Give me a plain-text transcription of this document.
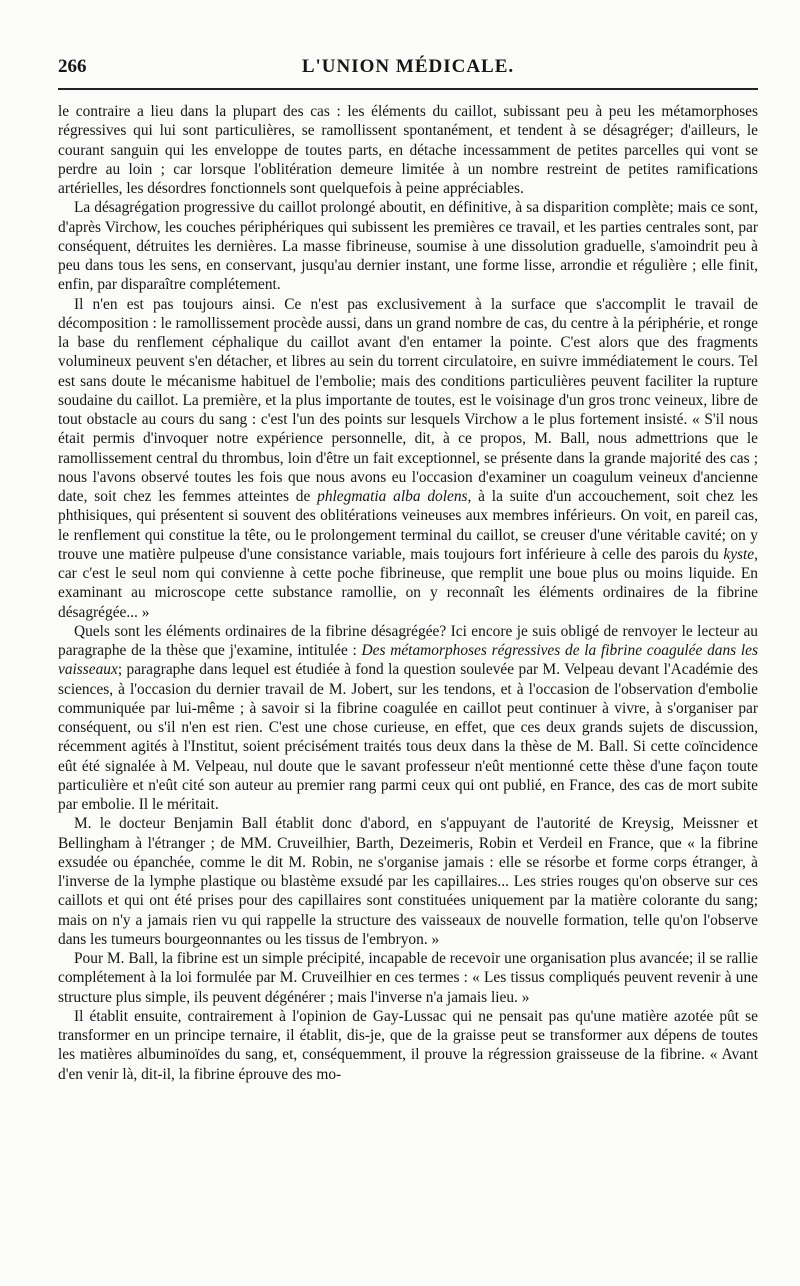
266	L'UNION MÉDICALE.

le contraire a lieu dans la plupart des cas : les éléments du caillot, subissant peu à peu les métamorphoses régressives qui lui sont particulières, se ramollissent spontanément, et tendent à se désagréger; d'ailleurs, le courant sanguin qui les enveloppe de toutes parts, en détache incessamment de petites parcelles qui vont se perdre au loin ; car lorsque l'oblitération demeure limitée à un nombre restreint de petites ramifications artérielles, les désordres fonctionnels sont quelquefois à peine appréciables.

La désagrégation progressive du caillot prolongé aboutit, en définitive, à sa disparition complète; mais ce sont, d'après Virchow, les couches périphériques qui subissent les premières ce travail, et les parties centrales sont, par conséquent, détruites les dernières. La masse fibrineuse, soumise à une dissolution graduelle, s'amoindrit peu à peu dans tous les sens, en conservant, jusqu'au dernier instant, une forme lisse, arrondie et régulière ; elle finit, enfin, par disparaître complétement.

Il n'en est pas toujours ainsi. Ce n'est pas exclusivement à la surface que s'accomplit le travail de décomposition : le ramollissement procède aussi, dans un grand nombre de cas, du centre à la périphérie, et ronge la base du renflement céphalique du caillot avant d'en entamer la pointe. C'est alors que des fragments volumineux peuvent s'en détacher, et libres au sein du torrent circulatoire, en suivre immédiatement le cours. Tel est sans doute le mécanisme habituel de l'embolie; mais des conditions particulières peuvent faciliter la rupture soudaine du caillot. La première, et la plus importante de toutes, est le voisinage d'un gros tronc veineux, libre de tout obstacle au cours du sang : c'est l'un des points sur lesquels Virchow a le plus fortement insisté. « S'il nous était permis d'invoquer notre expérience personnelle, dit, à ce propos, M. Ball, nous admettrions que le ramollissement central du thrombus, loin d'être un fait exceptionnel, se présente dans la grande majorité des cas ; nous l'avons observé toutes les fois que nous avons eu l'occasion d'examiner un coagulum veineux d'ancienne date, soit chez les femmes atteintes de phlegmatia alba dolens, à la suite d'un accouchement, soit chez les phthisiques, qui présentent si souvent des oblitérations veineuses aux membres inférieurs. On voit, en pareil cas, le renflement qui constitue la tête, ou le prolongement terminal du caillot, se creuser d'une véritable cavité; on y trouve une matière pulpeuse d'une consistance variable, mais toujours fort inférieure à celle des parois du kyste, car c'est le seul nom qui convienne à cette poche fibrineuse, que remplit une boue plus ou moins liquide. En examinant au microscope cette substance ramollie, on y reconnaît les éléments ordinaires de la fibrine désagrégée... »

Quels sont les éléments ordinaires de la fibrine désagrégée? Ici encore je suis obligé de renvoyer le lecteur au paragraphe de la thèse que j'examine, intitulée : Des métamorphoses régressives de la fibrine coagulée dans les vaisseaux; paragraphe dans lequel est étudiée à fond la question soulevée par M. Velpeau devant l'Académie des sciences, à l'occasion du dernier travail de M. Jobert, sur les tendons, et à l'occasion de l'observation d'embolie communiquée par lui-même ; à savoir si la fibrine coagulée en caillot peut continuer à vivre, à s'organiser par conséquent, ou s'il n'en est rien. C'est une chose curieuse, en effet, que ces deux grands sujets de discussion, récemment agités à l'Institut, soient précisément traités tous deux dans la thèse de M. Ball. Si cette coïncidence eût été signalée à M. Velpeau, nul doute que le savant professeur n'eût mentionné cette thèse d'une façon toute particulière et n'eût cité son auteur au premier rang parmi ceux qui ont publié, en France, des cas de mort subite par embolie. Il le méritait.

M. le docteur Benjamin Ball établit donc d'abord, en s'appuyant de l'autorité de Kreysig, Meissner et Bellingham à l'étranger ; de MM. Cruveilhier, Barth, Dezeimeris, Robin et Verdeil en France, que « la fibrine exsudée ou épanchée, comme le dit M. Robin, ne s'organise jamais : elle se résorbe et forme corps étranger, à l'inverse de la lymphe plastique ou blastème exsudé par les capillaires... Les stries rouges qu'on observe sur ces caillots et qui ont été prises pour des capillaires sont constituées uniquement par la matière colorante du sang; mais on n'y a jamais rien vu qui rappelle la structure des vaisseaux de nouvelle formation, telle qu'on l'observe dans les tumeurs bourgeonnantes ou les tissus de l'embryon. »

Pour M. Ball, la fibrine est un simple précipité, incapable de recevoir une organisation plus avancée; il se rallie complétement à la loi formulée par M. Cruveilhier en ces termes : « Les tissus compliqués peuvent revenir à une structure plus simple, ils peuvent dégénérer ; mais l'inverse n'a jamais lieu. »

Il établit ensuite, contrairement à l'opinion de Gay-Lussac qui ne pensait pas qu'une matière azotée pût se transformer en un principe ternaire, il établit, dis-je, que de la graisse peut se transformer aux dépens de toutes les matières albuminoïdes du sang, et, conséquemment, il prouve la régression graisseuse de la fibrine. « Avant d'en venir là, dit-il, la fibrine éprouve des mo-
